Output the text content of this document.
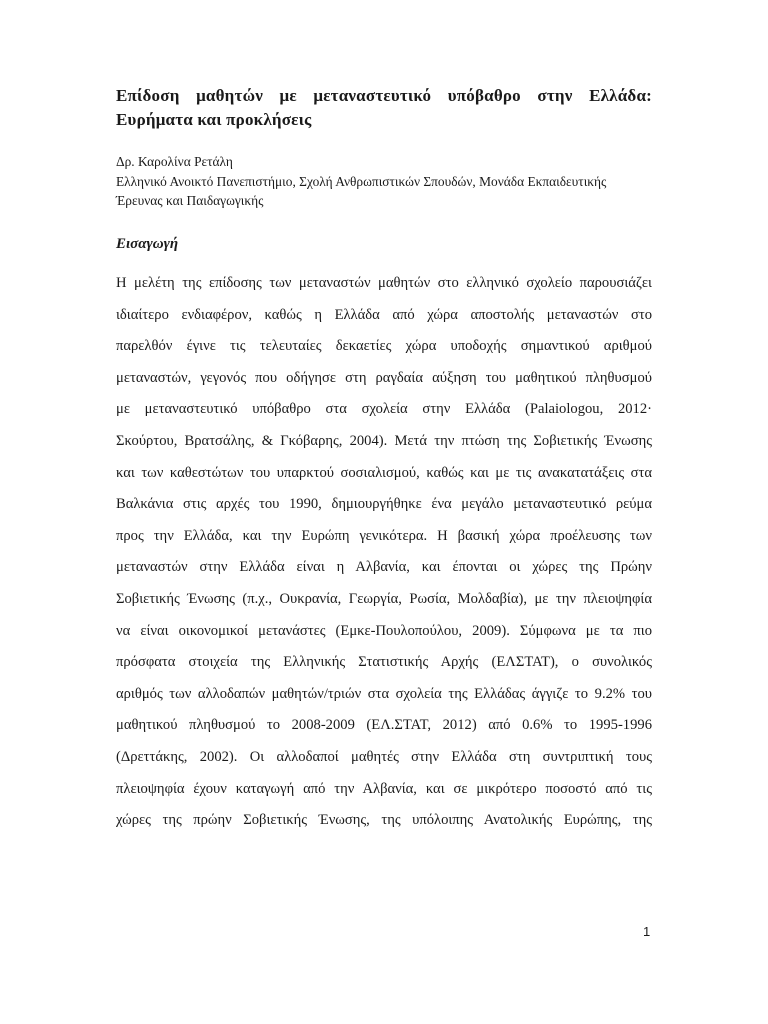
Επίδοση μαθητών με μεταναστευτικό υπόβαθρο στην Ελλάδα:
Ευρήματα και προκλήσεις
Δρ. Καρολίνα Ρετάλη
Ελληνικό Ανοικτό Πανεπιστήμιο, Σχολή Ανθρωπιστικών Σπουδών, Μονάδα Εκπαιδευτικής
Έρευνας και Παιδαγωγικής
Εισαγωγή
Η μελέτη της επίδοσης των μεταναστών μαθητών στο ελληνικό σχολείο παρουσιάζει
ιδιαίτερο ενδιαφέρον, καθώς η Ελλάδα από χώρα αποστολής μεταναστών στο
παρελθόν έγινε τις τελευταίες δεκαετίες χώρα υποδοχής σημαντικού αριθμού
μεταναστών, γεγονός που οδήγησε στη ραγδαία αύξηση του μαθητικού πληθυσμού
με μεταναστευτικό υπόβαθρο στα σχολεία στην Ελλάδα (Palaiologou, 2012·
Σκούρτου, Βρατσάλης, & Γκόβαρης, 2004). Μετά την πτώση της Σοβιετικής Ένωσης
και των καθεστώτων του υπαρκτού σοσιαλισμού, καθώς και με τις ανακατατάξεις στα
Βαλκάνια στις αρχές του 1990, δημιουργήθηκε ένα μεγάλο μεταναστευτικό ρεύμα
προς την Ελλάδα, και την Ευρώπη γενικότερα. Η βασική χώρα προέλευσης των
μεταναστών στην Ελλάδα είναι η Αλβανία, και έπονται οι χώρες της Πρώην
Σοβιετικής Ένωσης (π.χ., Ουκρανία, Γεωργία, Ρωσία, Μολδαβία), με την πλειοψηφία
να είναι οικονομικοί μετανάστες (Εμκε-Πουλοπούλου, 2009). Σύμφωνα με τα πιο
πρόσφατα στοιχεία της Ελληνικής Στατιστικής Αρχής (ΕΛΣΤΑΤ), ο συνολικός
αριθμός των αλλοδαπών μαθητών/τριών στα σχολεία της Ελλάδας άγγιζε το 9.2% του
μαθητικού πληθυσμού το 2008-2009 (ΕΛ.ΣΤΑΤ, 2012) από 0.6% το 1995-1996
(Δρεττάκης, 2002). Οι αλλοδαποί μαθητές στην Ελλάδα στη συντριπτική τους
πλειοψηφία έχουν καταγωγή από την Αλβανία, και σε μικρότερο ποσοστό από τις
χώρες της πρώην Σοβιετικής Ένωσης, της υπόλοιπης Ανατολικής Ευρώπης, της
1
